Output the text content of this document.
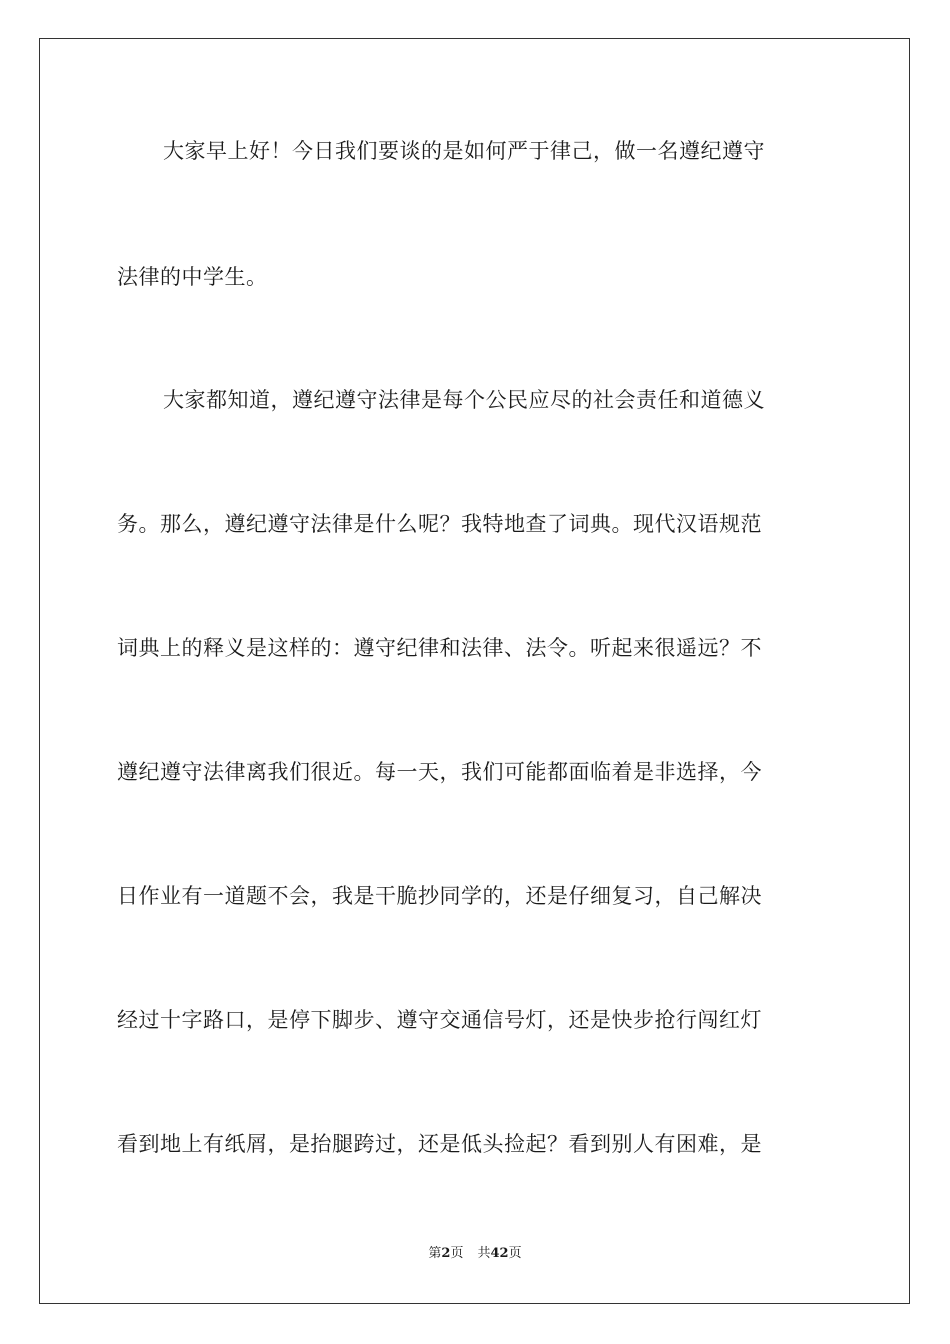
大家早上好！今日我们要谈的是如何严于律己，做一名遵纪遵守
法律的中学生。
大家都知道，遵纪遵守法律是每个公民应尽的社会责任和道德义
务。那么，遵纪遵守法律是什么呢？我特地查了词典。现代汉语规范
词典上的释义是这样的：遵守纪律和法律、法令。听起来很遥远？不
遵纪遵守法律离我们很近。每一天，我们可能都面临着是非选择，今
日作业有一道题不会，我是干脆抄同学的，还是仔细复习，自己解决
经过十字路口，是停下脚步、遵守交通信号灯，还是快步抢行闯红灯
看到地上有纸屑，是抬腿跨过，还是低头捡起？看到别人有困难，是
第2页 共42页
